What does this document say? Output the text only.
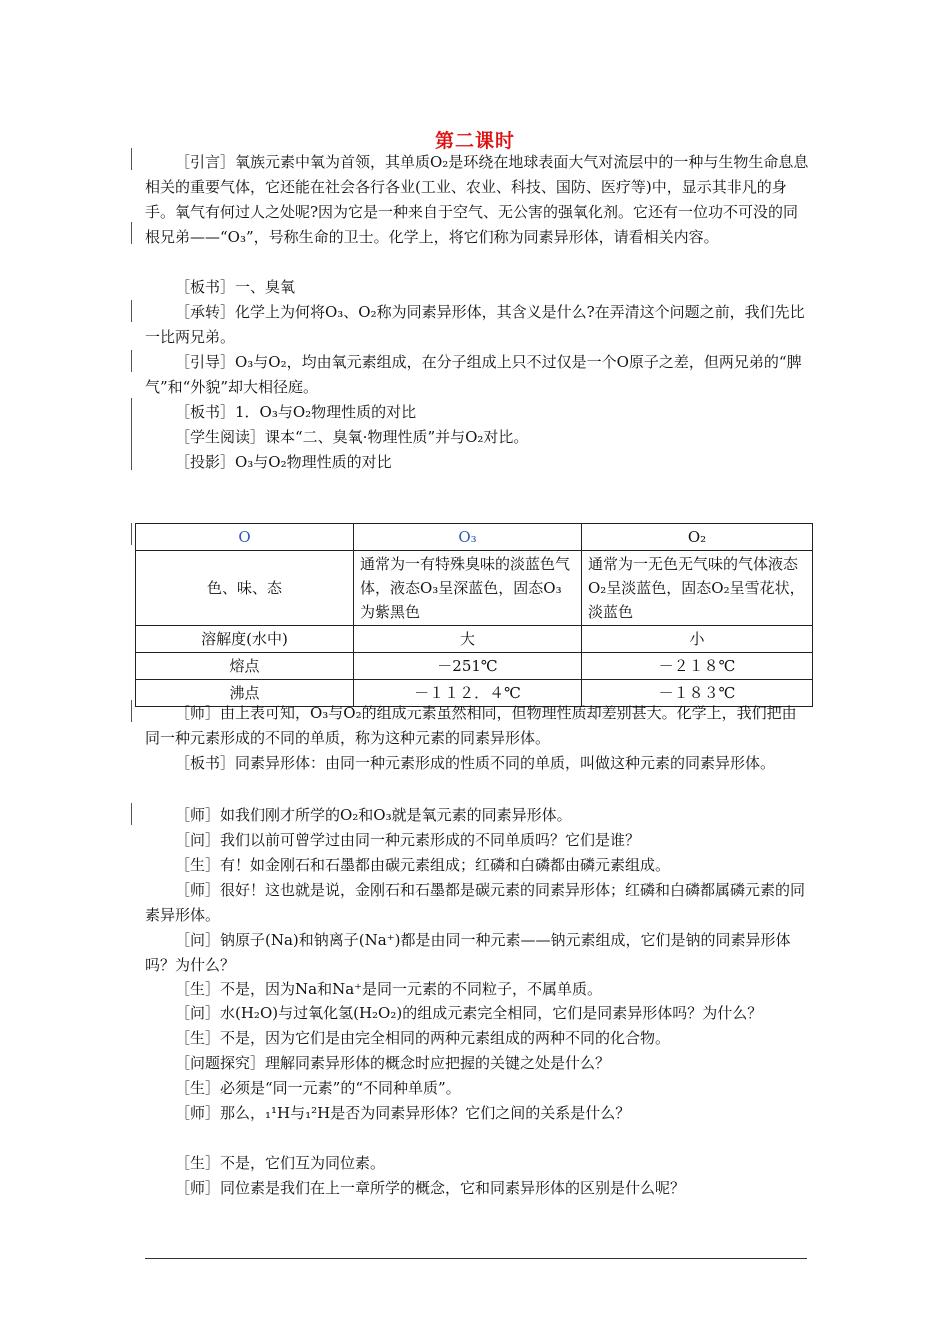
第二课时
［引言］氧族元素中氧为首领，其单质O₂是环绕在地球表面大气对流层中的一种与生物生命息息相关的重要气体，它还能在社会各行各业(工业、农业、科技、国防、医疗等)中，显示其非凡的身手。氧气有何过人之处呢?因为它是一种来自于空气、无公害的强氧化剂。它还有一位功不可没的同根兄弟——“O₃”，号称生命的卫士。化学上，将它们称为同素异形体，请看相关内容。
［板书］一、臭氧
［承转］化学上为何将O₃、O₂称为同素异形体，其含义是什么?在弄清这个问题之前，我们先比一比两兄弟。
［引导］O₃与O₂，均由氧元素组成，在分子组成上只不过仅是一个O原子之差，但两兄弟的“脾气”和“外貌”却大相径庭。
［板书］1．O₃与O₂物理性质的对比
［学生阅读］课本“二、臭氧·物理性质”并与O₂对比。
［投影］O₃与O₂物理性质的对比
O	O₃	O₂
色、味、态	通常为一有特殊臭味的淡蓝色气体，液态O₃呈深蓝色，固态O₃为紫黑色	通常为一无色无气味的气体液态O₂呈淡蓝色，固态O₂呈雪花状，淡蓝色
溶解度(水中)	大	小
熔点	－251℃	－２１８℃
沸点	－１１２．４℃	－１８３℃
［师］由上表可知，O₃与O₂的组成元素虽然相同，但物理性质却差别甚大。化学上，我们把由同一种元素形成的不同的单质，称为这种元素的同素异形体。
［板书］同素异形体：由同一种元素形成的性质不同的单质，叫做这种元素的同素异形体。
［师］如我们刚才所学的O₂和O₃就是氧元素的同素异形体。
［问］我们以前可曾学过由同一种元素形成的不同单质吗？它们是谁？
［生］有！如金刚石和石墨都由碳元素组成；红磷和白磷都由磷元素组成。
［师］很好！这也就是说，金刚石和石墨都是碳元素的同素异形体；红磷和白磷都属磷元素的同素异形体。
［问］钠原子(Na)和钠离子(Na⁺)都是由同一种元素——钠元素组成，它们是钠的同素异形体吗？为什么？
［生］不是，因为Na和Na⁺是同一元素的不同粒子，不属单质。
［问］水(H₂O)与过氧化氢(H₂O₂)的组成元素完全相同，它们是同素异形体吗？为什么？
［生］不是，因为它们是由完全相同的两种元素组成的两种不同的化合物。
［问题探究］理解同素异形体的概念时应把握的关键之处是什么？
［生］必须是“同一元素”的“不同种单质”。
［师］那么，₁¹H与₁²H是否为同素异形体？它们之间的关系是什么？
［生］不是，它们互为同位素。
［师］同位素是我们在上一章所学的概念，它和同素异形体的区别是什么呢？
